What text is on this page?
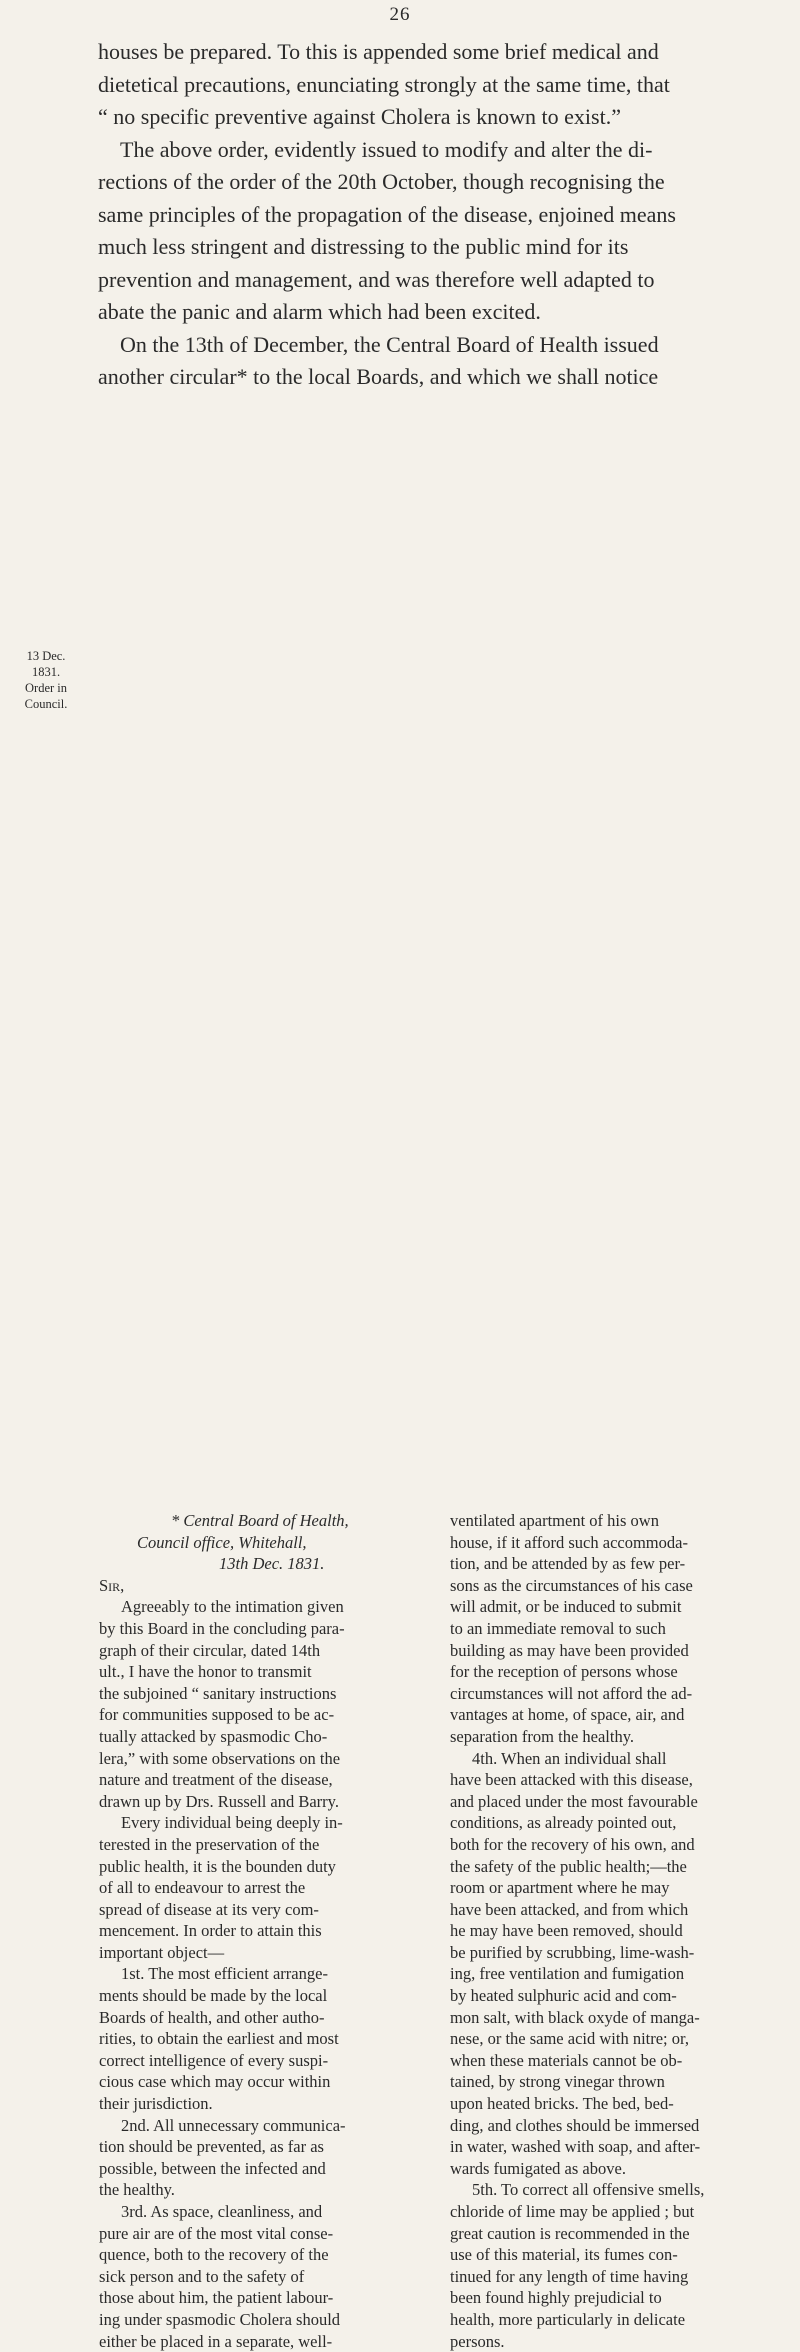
26
13 Dec.
1831.
Order in
Council.
houses be prepared. To this is appended some brief medical and
dietetical precautions, enunciating strongly at the same time, that
“ no specific preventive against Cholera is known to exist.”
The above order, evidently issued to modify and alter the di-
rections of the order of the 20th October, though recognising the
same principles of the propagation of the disease, enjoined means
much less stringent and distressing to the public mind for its
prevention and management, and was therefore well adapted to
abate the panic and alarm which had been excited.
On the 13th of December, the Central Board of Health issued
another circular* to the local Boards, and which we shall notice
* Central Board of Health,
Council office, Whitehall,
13th Dec. 1831.
Sir,
Agreeably to the intimation given
by this Board in the concluding para-
graph of their circular, dated 14th
ult., I have the honor to transmit
the subjoined “ sanitary instructions
for communities supposed to be ac-
tually attacked by spasmodic Cho-
lera,” with some observations on the
nature and treatment of the disease,
drawn up by Drs. Russell and Barry.
Every individual being deeply in-
terested in the preservation of the
public health, it is the bounden duty
of all to endeavour to arrest the
spread of disease at its very com-
mencement. In order to attain this
important object—
1st. The most efficient arrange-
ments should be made by the local
Boards of health, and other autho-
rities, to obtain the earliest and most
correct intelligence of every suspi-
cious case which may occur within
their jurisdiction.
2nd. All unnecessary communica-
tion should be prevented, as far as
possible, between the infected and
the healthy.
3rd. As space, cleanliness, and
pure air are of the most vital conse-
quence, both to the recovery of the
sick person and to the safety of
those about him, the patient labour-
ing under spasmodic Cholera should
either be placed in a separate, well-
ventilated apartment of his own
house, if it afford such accommoda-
tion, and be attended by as few per-
sons as the circumstances of his case
will admit, or be induced to submit
to an immediate removal to such
building as may have been provided
for the reception of persons whose
circumstances will not afford the ad-
vantages at home, of space, air, and
separation from the healthy.
4th. When an individual shall
have been attacked with this disease,
and placed under the most favourable
conditions, as already pointed out,
both for the recovery of his own, and
the safety of the public health;—the
room or apartment where he may
have been attacked, and from which
he may have been removed, should
be purified by scrubbing, lime-wash-
ing, free ventilation and fumigation
by heated sulphuric acid and com-
mon salt, with black oxyde of manga-
nese, or the same acid with nitre; or,
when these materials cannot be ob-
tained, by strong vinegar thrown
upon heated bricks. The bed, bed-
ding, and clothes should be immersed
in water, washed with soap, and after-
wards fumigated as above.
5th. To correct all offensive smells,
chloride of lime may be applied ; but
great caution is recommended in the
use of this material, its fumes con-
tinued for any length of time having
been found highly prejudicial to
health, more particularly in delicate
persons.
